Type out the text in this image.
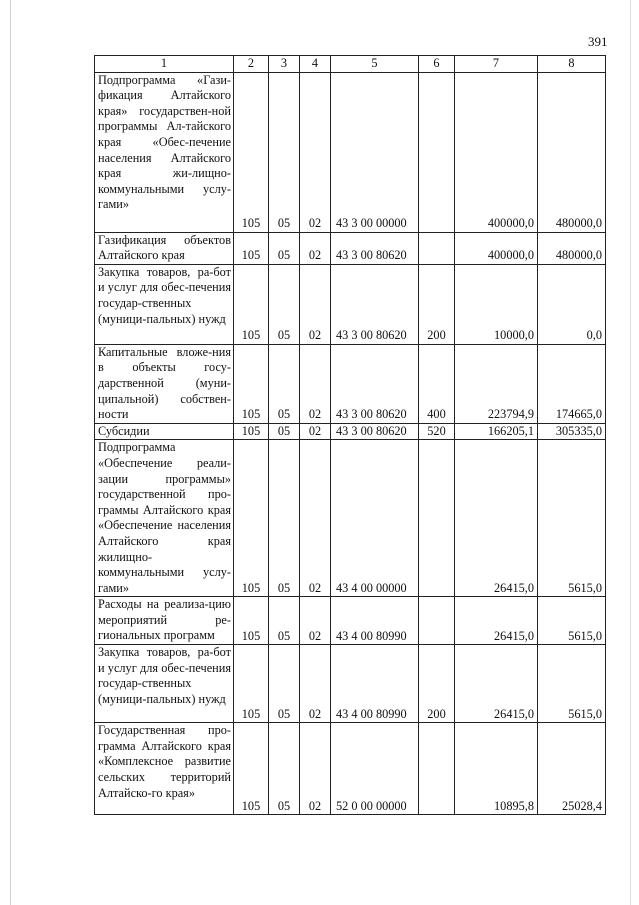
391
1	2	3	4	5	6	7	8
Подпрограмма «Гази-фикация Алтайского края» государствен-ной программы Ал-тайского края «Обес-печение населения Алтайского края жи-лищно-коммунальными услу-гами»	105	05	02	43 3 00 00000		400000,0	480000,0
Газификация объектов Алтайского края	105	05	02	43 3 00 80620		400000,0	480000,0
Закупка товаров, ра-бот и услуг для обес-печения государ-ственных (муници-пальных) нужд	105	05	02	43 3 00 80620	200	10000,0	0,0
Капитальные вложе-ния в объекты госу-дарственной (муни-ципальной) собствен-ности	105	05	02	43 3 00 80620	400	223794,9	174665,0
Субсидии	105	05	02	43 3 00 80620	520	166205,1	305335,0
Подпрограмма «Обеспечение реали-зации программы» государственной про-граммы Алтайского края «Обеспечение населения Алтайского края жилищно-коммунальными услу-гами»	105	05	02	43 4 00 00000		26415,0	5615,0
Расходы на реализа-цию мероприятий ре-гиональных программ	105	05	02	43 4 00 80990		26415,0	5615,0
Закупка товаров, ра-бот и услуг для обес-печения государ-ственных (муници-пальных) нужд	105	05	02	43 4 00 80990	200	26415,0	5615,0
Государственная про-грамма Алтайского края «Комплексное развитие сельских территорий Алтайско-го края»	105	05	02	52 0 00 00000		10895,8	25028,4
